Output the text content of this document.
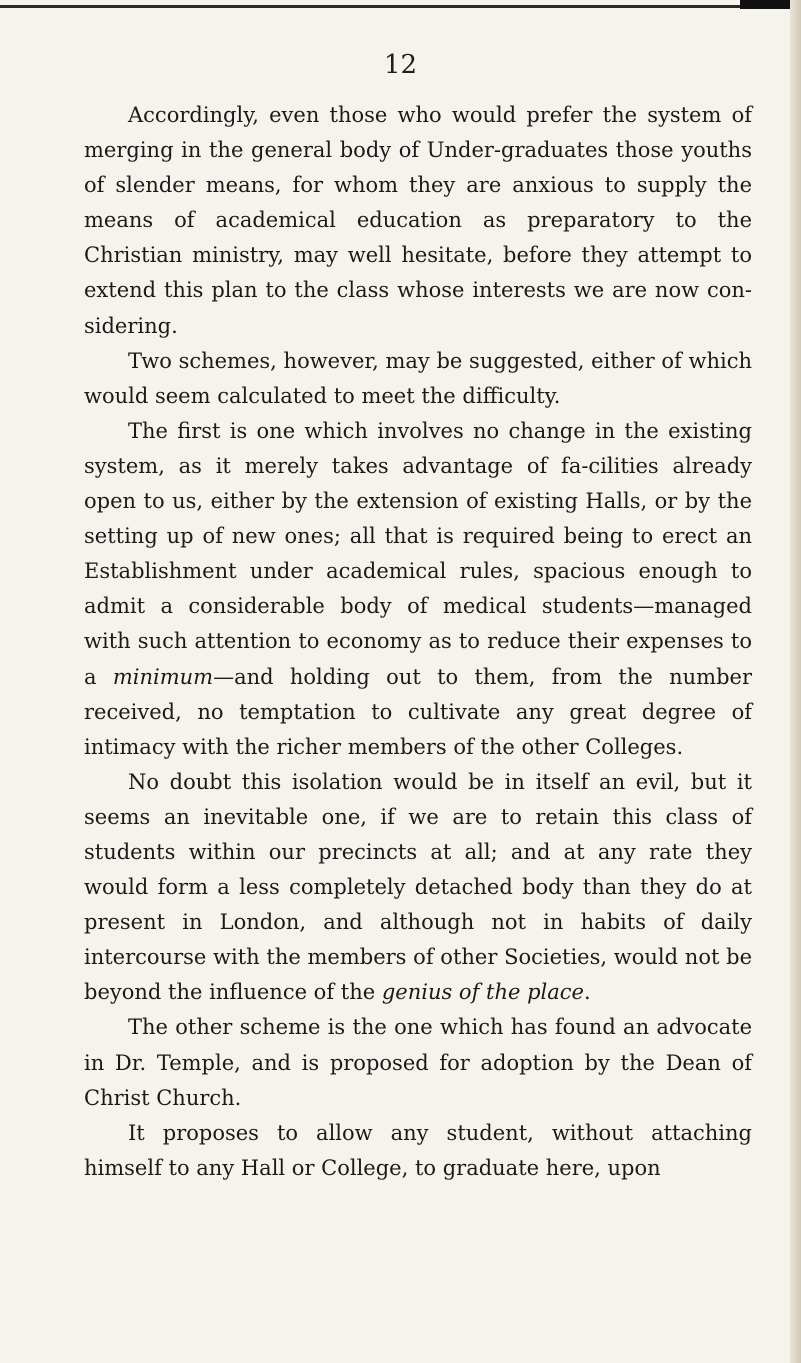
12

Accordingly, even those who would prefer the system of merging in the general body of Under-graduates those youths of slender means, for whom they are anxious to supply the means of academical education as preparatory to the Christian ministry, may well hesitate, before they attempt to extend this plan to the class whose interests we are now con-sidering.

Two schemes, however, may be suggested, either of which would seem calculated to meet the difficulty.

The first is one which involves no change in the existing system, as it merely takes advantage of fa-cilities already open to us, either by the extension of existing Halls, or by the setting up of new ones; all that is required being to erect an Establishment under academical rules, spacious enough to admit a considerable body of medical students—managed with such attention to economy as to reduce their expenses to a minimum—and holding out to them, from the number received, no temptation to cultivate any great degree of intimacy with the richer members of the other Colleges.

No doubt this isolation would be in itself an evil, but it seems an inevitable one, if we are to retain this class of students within our precincts at all; and at any rate they would form a less completely detached body than they do at present in London, and although not in habits of daily intercourse with the members of other Societies, would not be beyond the influence of the genius of the place.

The other scheme is the one which has found an advocate in Dr. Temple, and is proposed for adoption by the Dean of Christ Church.

It proposes to allow any student, without attaching himself to any Hall or College, to graduate here, upon
